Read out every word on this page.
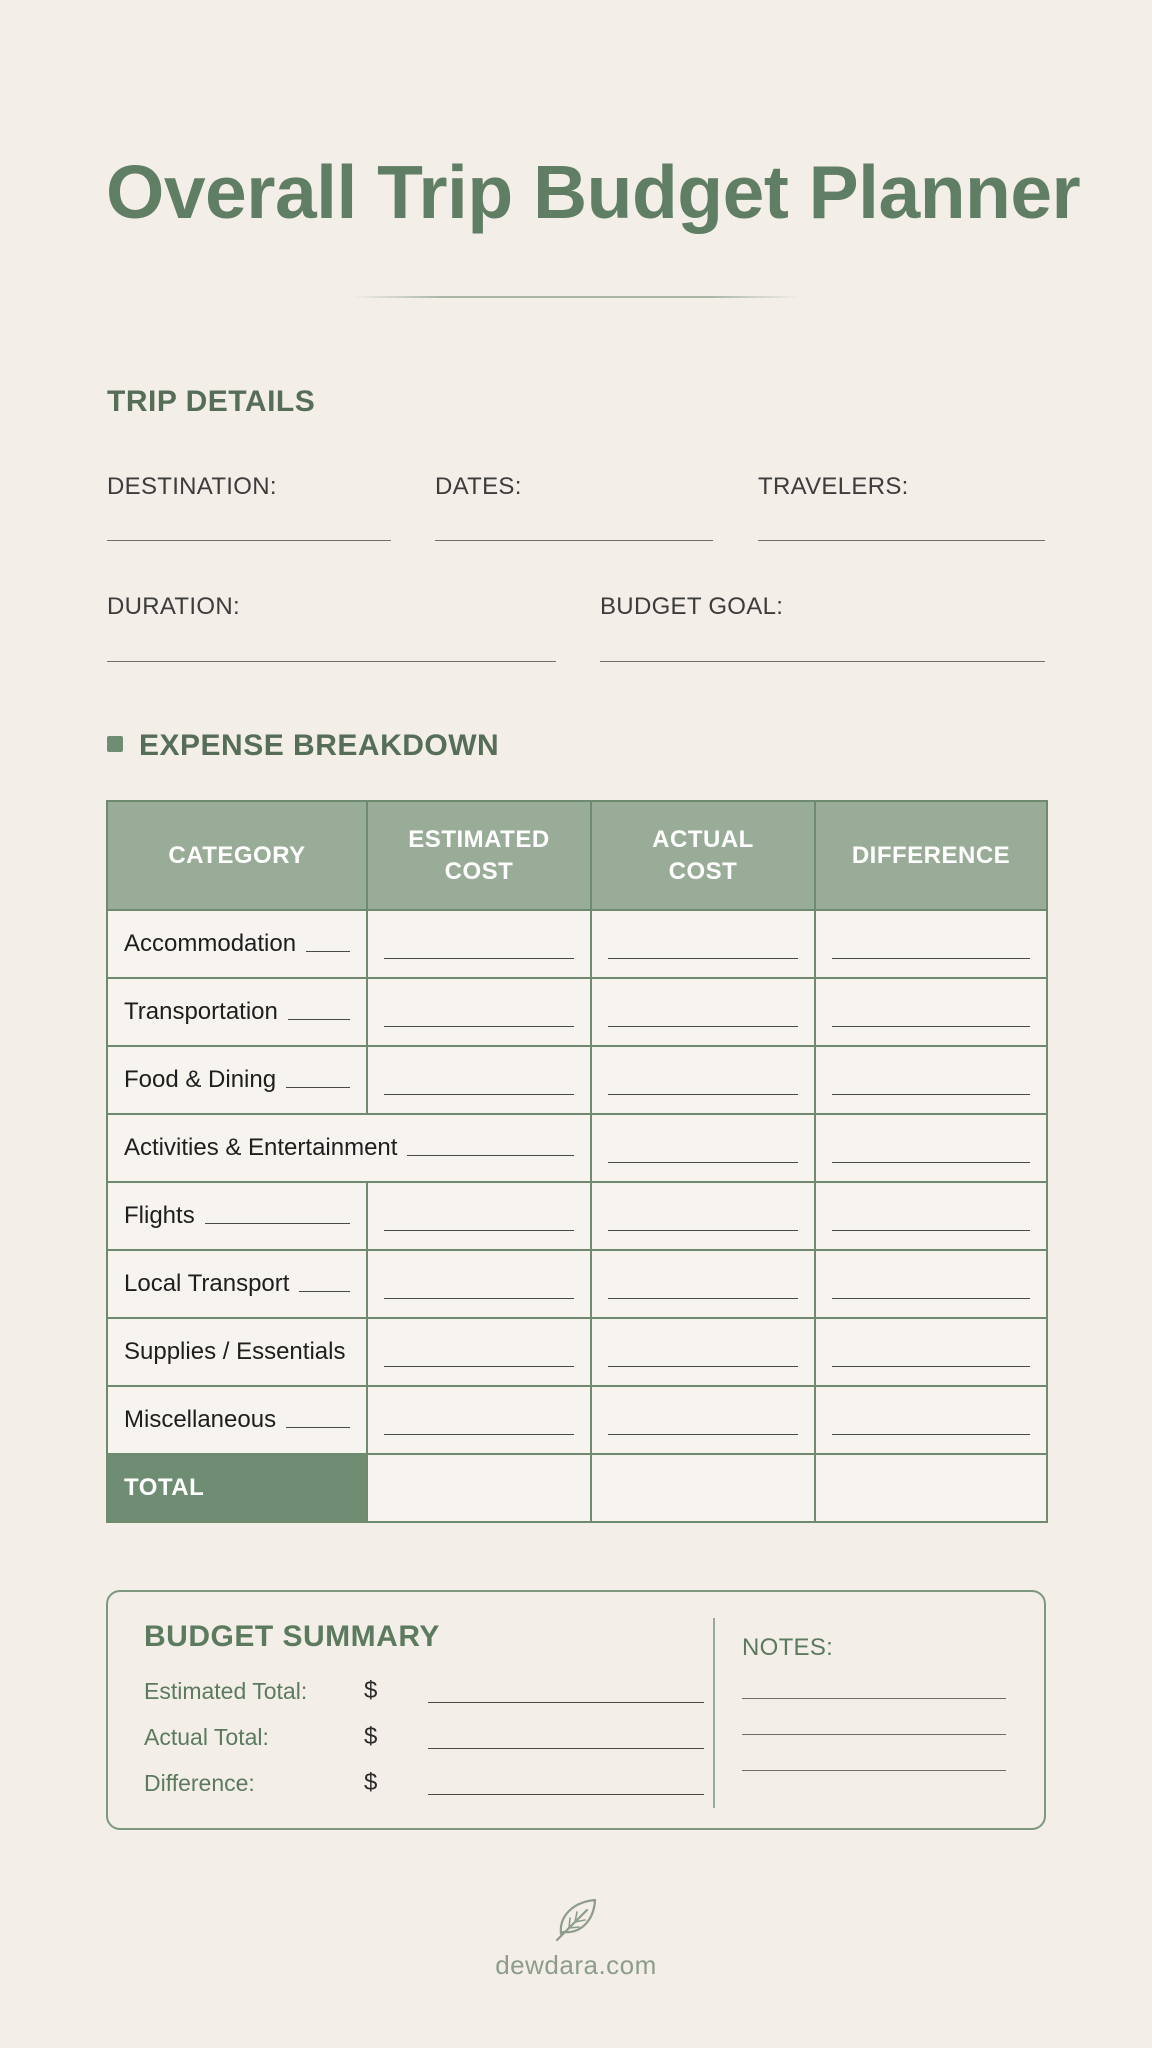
Overall Trip Budget Planner
TRIP DETAILS
DESTINATION:	DATES:	TRAVELERS:
DURATION:	BUDGET GOAL:
EXPENSE BREAKDOWN
CATEGORY	ESTIMATED COST	ACTUAL COST	DIFFERENCE

Accommodation			

Transportation			

Food & Dining			

Activities & Entertainment			

Flights			

Local Transport			

Supplies / Essentials			

Miscellaneous			

TOTAL			
BUDGET SUMMARY
Estimated Total: $
Actual Total:	$
Difference:	$
NOTES:
dewdara.com
